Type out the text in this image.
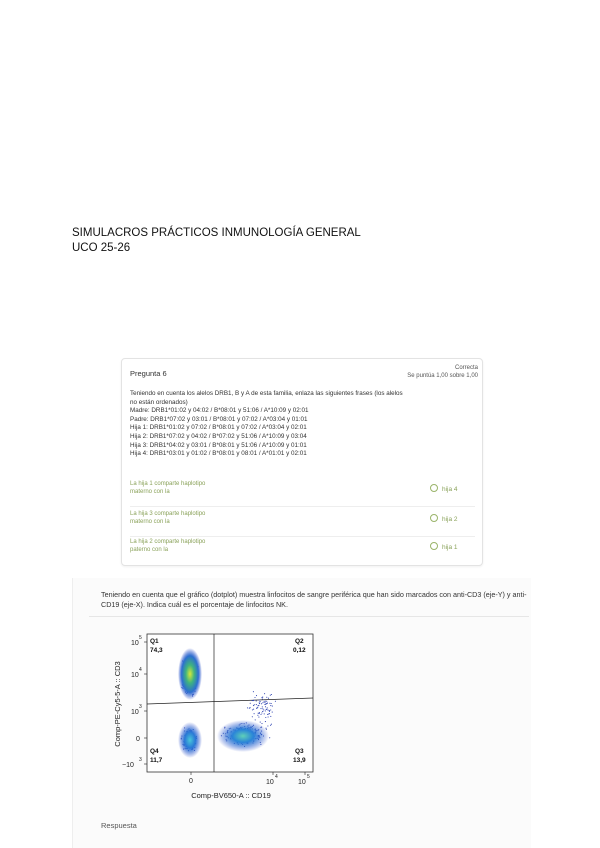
SIMULACROS PRÁCTICOS INMUNOLOGÍA GENERAL
UCO 25-26
Pregunta 6
Correcta
Se puntúa 1,00 sobre 1,00
Teniendo en cuenta los alelos DRB1, B y A de esta familia, enlaza las siguientes frases (los alelos
no están ordenados)
Madre: DRB1*01:02 y 04:02 / B*08:01 y 51:06 / A*10:09 y 02:01
Padre: DRB1*07:02 y 03:01 / B*08:01 y 07:02 / A*03:04 y 01:01
Hija 1: DRB1*01:02 y 07:02 / B*08:01 y 07:02 / A*03:04 y 02:01
Hija 2: DRB1*07:02 y 04:02 / B*07:02 y 51:06 / A*10:09 y 03:04
Hija 3: DRB1*04:02 y 03:01 / B*08:01 y 51:06 / A*10:09 y 01:01
Hija 4: DRB1*03:01 y 01:02 / B*08:01 y 08:01 / A*01:01 y 02:01
La hija 1 comparte haplotipo
materno con la	hija 4
La hija 3 comparte haplotipo
materno con la	hija 2
La hija 2 comparte haplotipo
paterno con la	hija 1
Teniendo en cuenta que el gráfico (dotplot) muestra linfocitos de sangre periférica que han sido marcados con anti-CD3 (eje-Y) y anti-CD19 (eje-X). Indica cuál es el porcentaje de linfocitos NK.
10
5
10
4
10
3
0
−10
3
0	10
4
10
5
Comp-BV650-A :: CD19
Comp-PE-Cy5-5-A :: CD3
Q1
74,3
Q2
0,12
Q3
13,9
Q4
11,7
Respuesta
